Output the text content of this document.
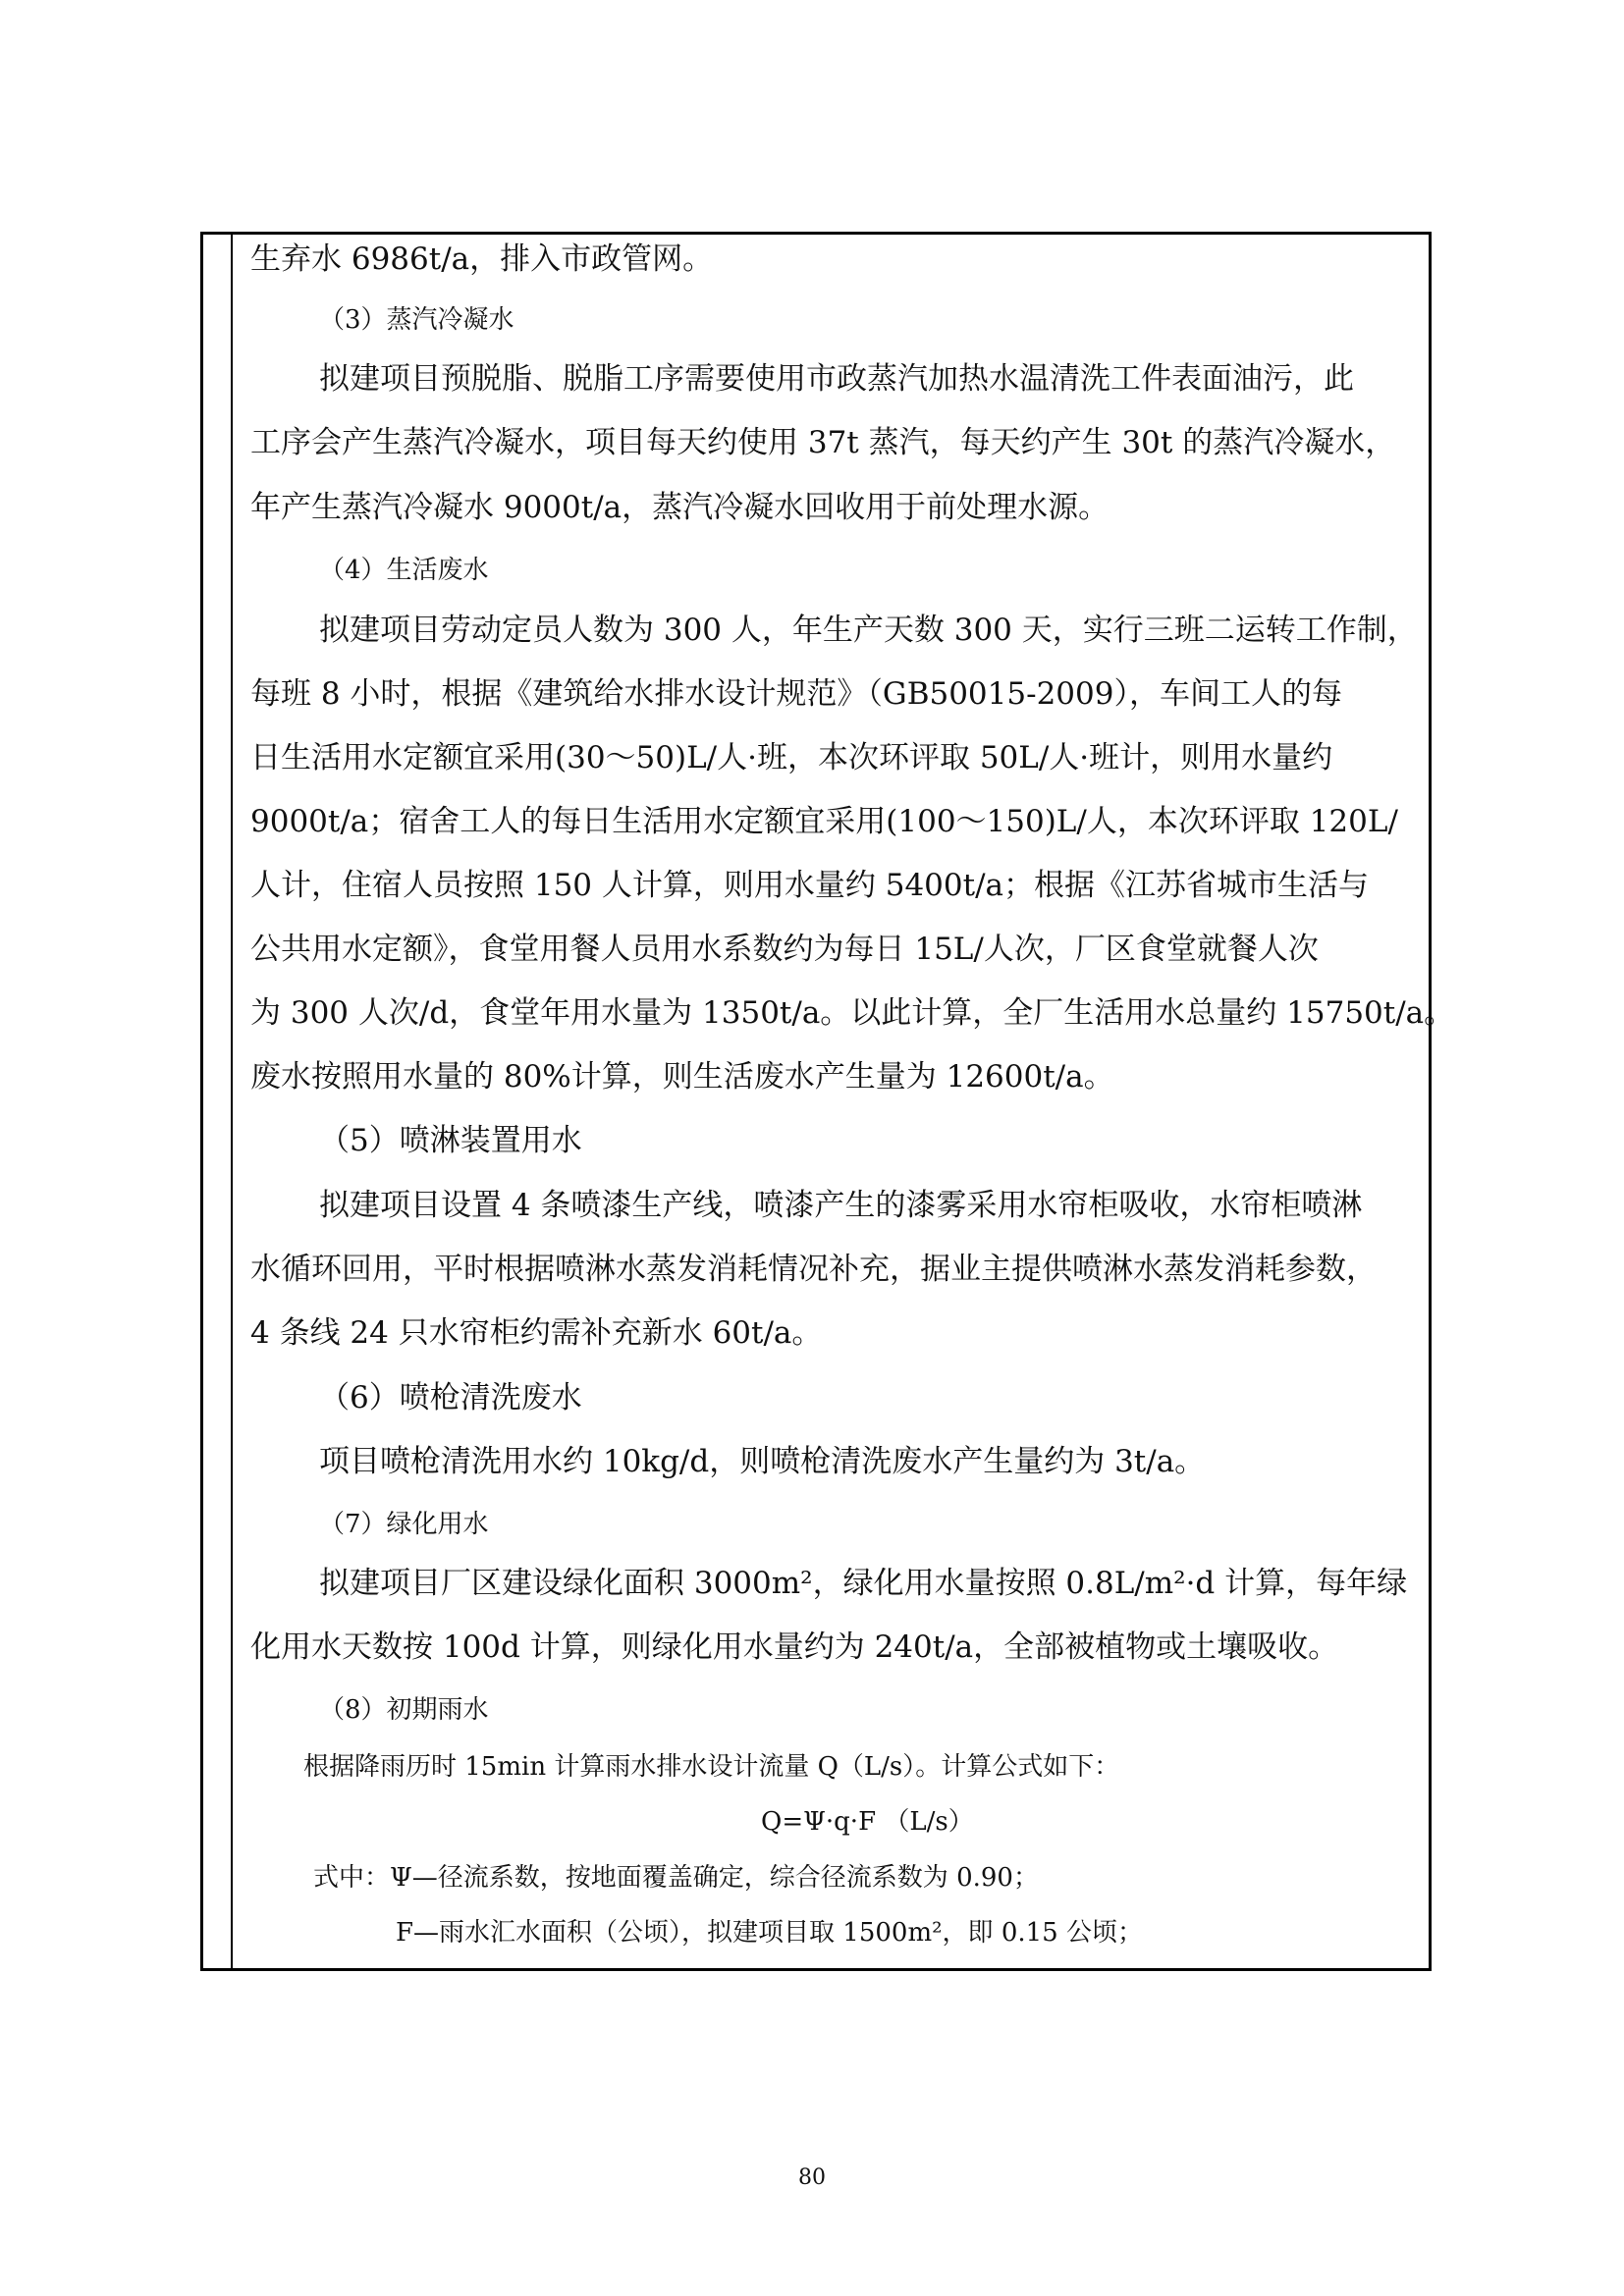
生弃水 6986t/a，排入市政管网。
（3）蒸汽冷凝水
拟建项目预脱脂、脱脂工序需要使用市政蒸汽加热水温清洗工件表面油污，此
工序会产生蒸汽冷凝水，项目每天约使用 37t 蒸汽，每天约产生 30t 的蒸汽冷凝水，
年产生蒸汽冷凝水 9000t/a，蒸汽冷凝水回收用于前处理水源。
（4）生活废水
拟建项目劳动定员人数为 300 人，年生产天数 300 天，实行三班二运转工作制，
每班 8 小时，根据《建筑给水排水设计规范》（GB50015-2009），车间工人的每
日生活用水定额宜采用(30～50)L/人·班，本次环评取 50L/人·班计，则用水量约
9000t/a；宿舍工人的每日生活用水定额宜采用(100～150)L/人，本次环评取 120L/
人计，住宿人员按照 150 人计算，则用水量约 5400t/a；根据《江苏省城市生活与
公共用水定额》，食堂用餐人员用水系数约为每日 15L/人次，厂区食堂就餐人次
为 300 人次/d，食堂年用水量为 1350t/a。以此计算，全厂生活用水总量约 15750t/a。
废水按照用水量的 80%计算，则生活废水产生量为 12600t/a。
（5）喷淋装置用水
拟建项目设置 4 条喷漆生产线，喷漆产生的漆雾采用水帘柜吸收，水帘柜喷淋
水循环回用，平时根据喷淋水蒸发消耗情况补充，据业主提供喷淋水蒸发消耗参数，
4 条线 24 只水帘柜约需补充新水 60t/a。
（6）喷枪清洗废水
项目喷枪清洗用水约 10kg/d，则喷枪清洗废水产生量约为 3t/a。
（7）绿化用水
拟建项目厂区建设绿化面积 3000m²，绿化用水量按照 0.8L/m²·d 计算，每年绿
化用水天数按 100d 计算，则绿化用水量约为 240t/a，全部被植物或土壤吸收。
（8）初期雨水
根据降雨历时 15min 计算雨水排水设计流量 Q（L/s）。计算公式如下：
Q=Ψ·q·F （L/s）
式中：Ψ—径流系数，按地面覆盖确定，综合径流系数为 0.90；
F—雨水汇水面积（公顷），拟建项目取 1500m²，即 0.15 公顷；
80
